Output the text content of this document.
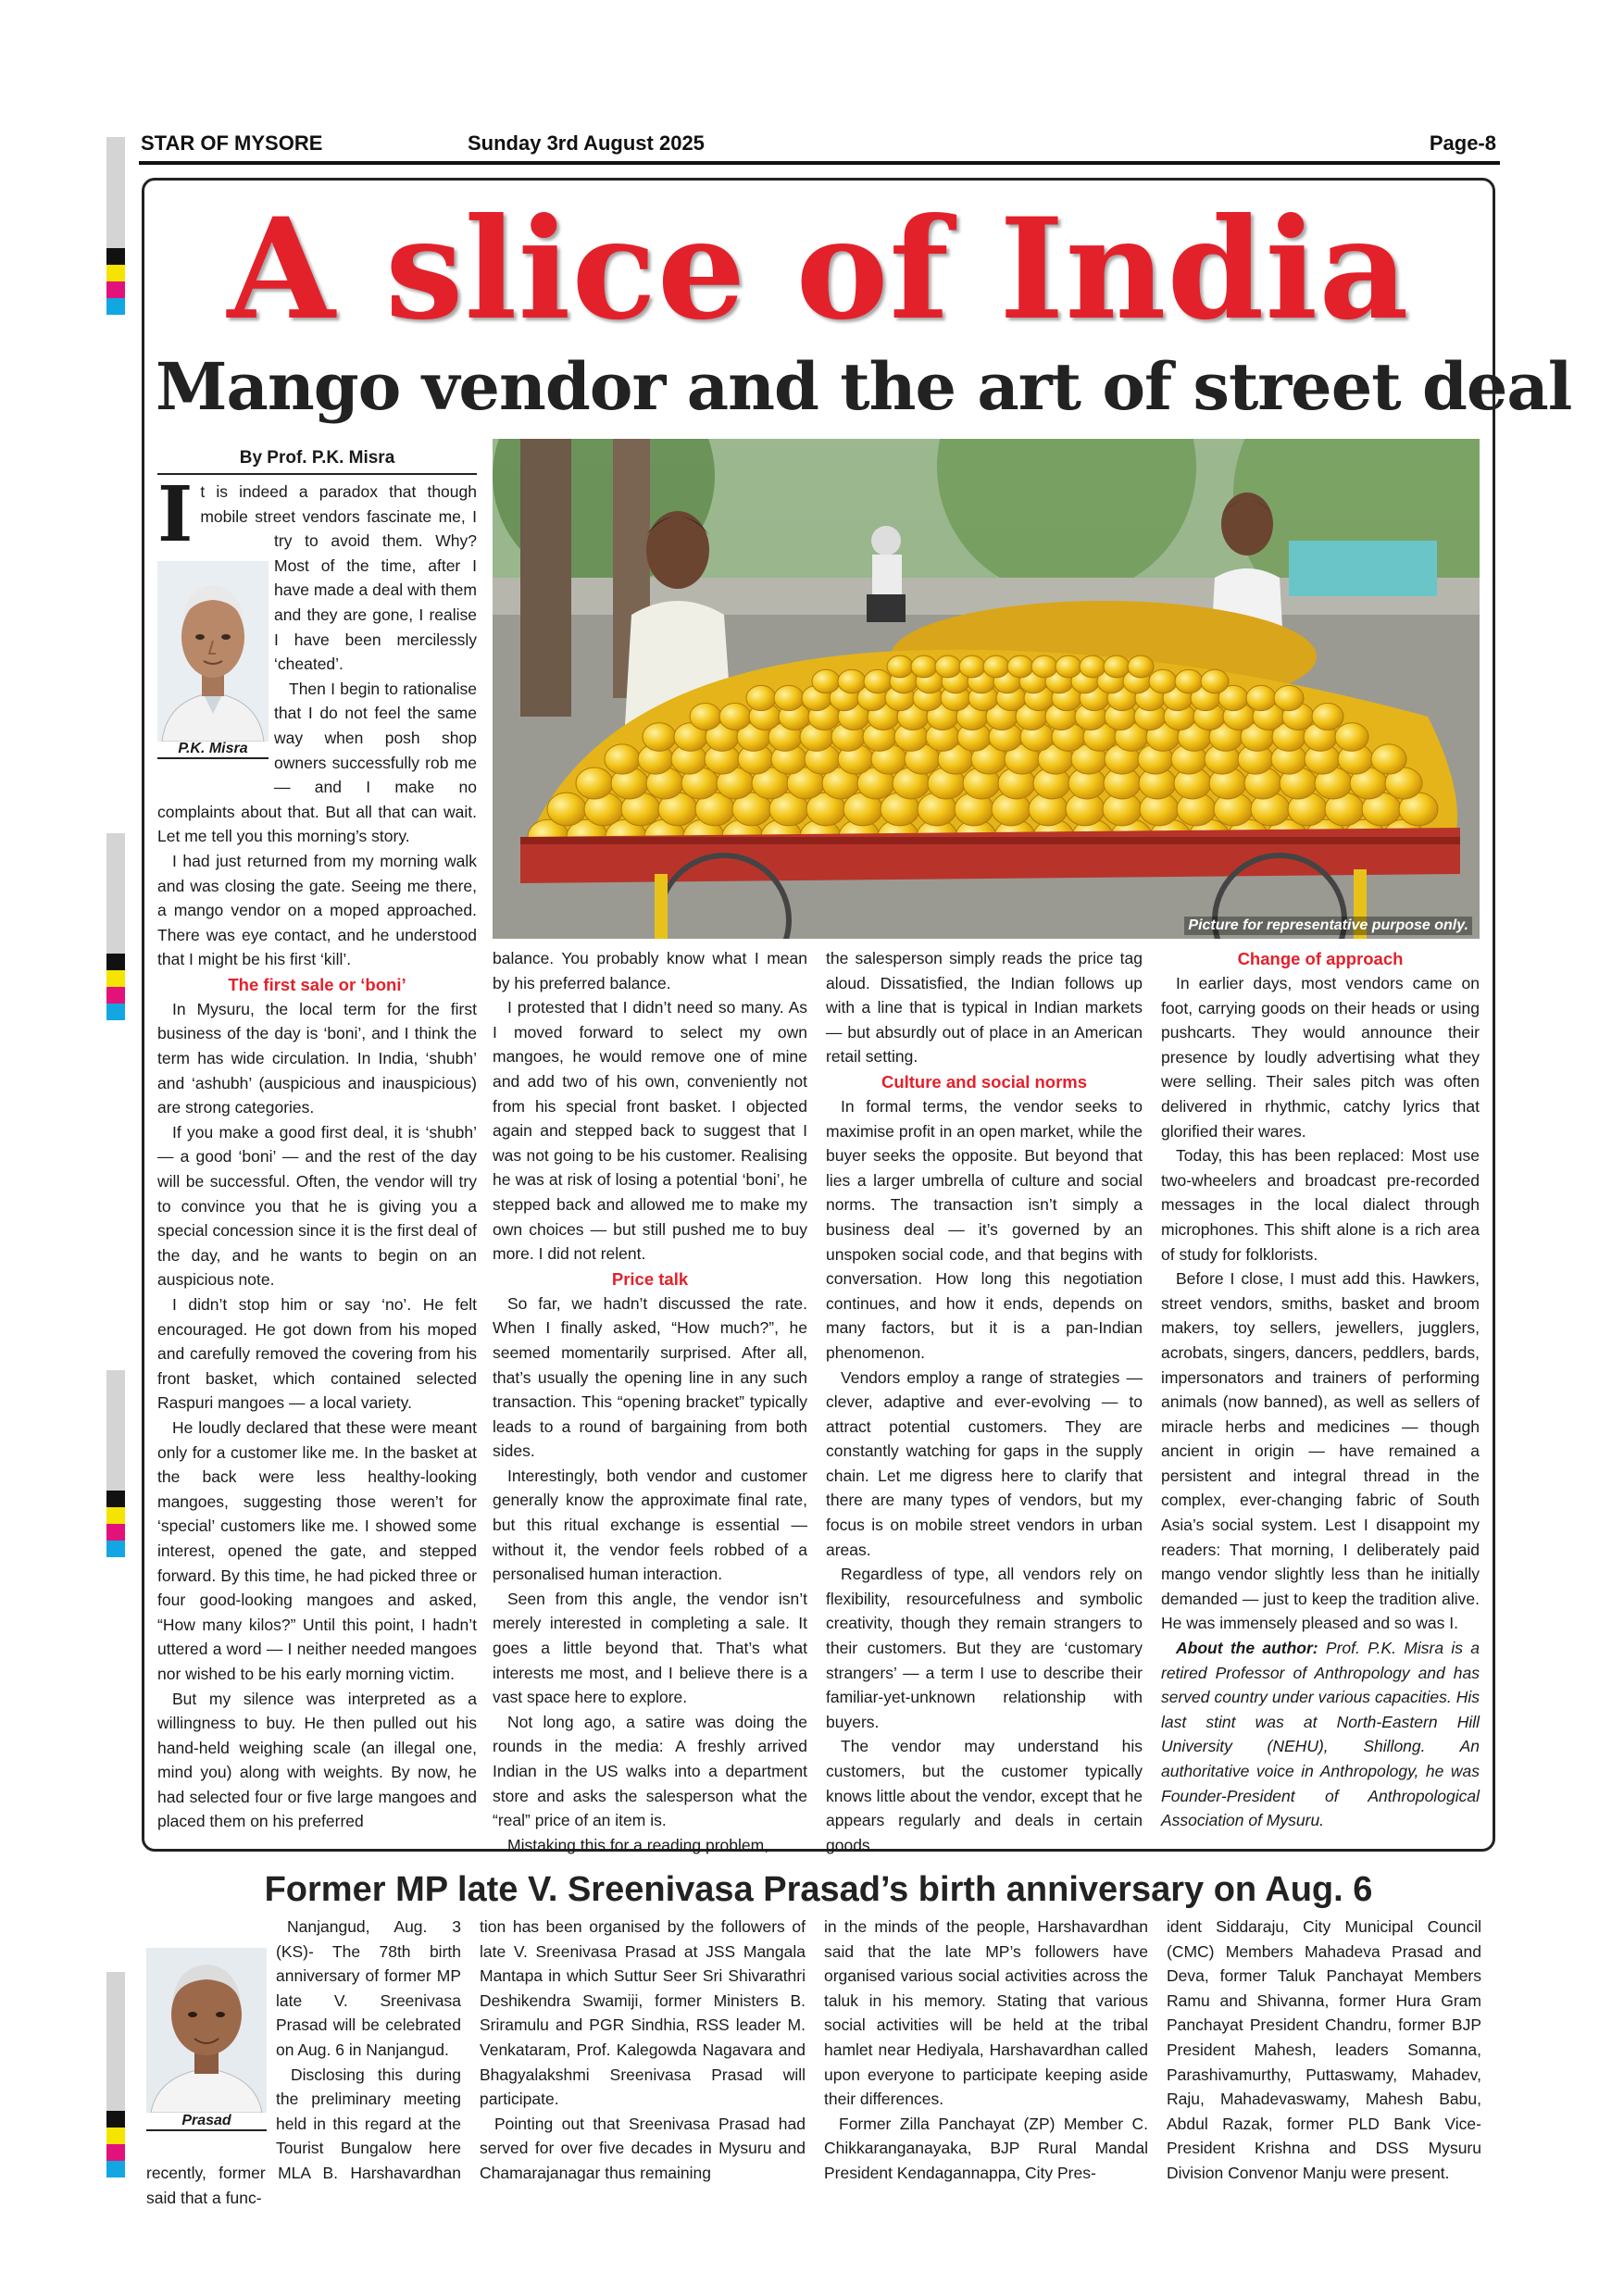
STAR OF MYSORE	Sunday 3rd August 2025	Page-8
A slice of India
Mango vendor and the art of street deal
By Prof. P.K. Misra
P.K. Misra
I t is indeed a paradox that though mobile street vendors fascinate me, I try to avoid them. Why? Most of the time, after I have made a deal with them and they are gone, I realise I have been mercilessly ‘cheated’.

Then I begin to rationalise that I do not feel the same way when posh shop owners successfully rob me — and I make no complaints about that. But all that can wait. Let me tell you this morning’s story.

I had just returned from my morning walk and was closing the gate. Seeing me there, a mango vendor on a moped approached. There was eye contact, and he understood that I might be his first ‘kill’.

The first sale or ‘boni’

In Mysuru, the local term for the first business of the day is ‘boni’, and I think the term has wide circulation. In India, ‘shubh’ and ‘ashubh’ (auspicious and inauspicious) are strong categories.

If you make a good first deal, it is ‘shubh’ — a good ‘boni’ — and the rest of the day will be successful. Often, the vendor will try to convince you that he is giving you a special concession since it is the first deal of the day, and he wants to begin on an auspicious note.

I didn’t stop him or say ‘no’. He felt encouraged. He got down from his moped and carefully removed the covering from his front basket, which contained selected Raspuri mangoes — a local variety.

He loudly declared that these were meant only for a customer like me. In the basket at the back were less healthy-looking mangoes, suggesting those weren’t for ‘special’ customers like me. I showed some interest, opened the gate, and stepped forward. By this time, he had picked three or four good-looking mangoes and asked, “How many kilos?” Until this point, I hadn’t uttered a word — I neither needed mangoes nor wished to be his early morning victim.

But my silence was interpreted as a willingness to buy. He then pulled out his hand-held weighing scale (an illegal one, mind you) along with weights. By now, he had selected four or five large mangoes and placed them on his preferred

Picture for representative purpose only.

balance. You probably know what I mean by his preferred balance.

I protested that I didn’t need so many. As I moved forward to select my own mangoes, he would remove one of mine and add two of his own, conveniently not from his special front basket. I objected again and stepped back to suggest that I was not going to be his customer. Realising he was at risk of losing a potential ‘boni’, he stepped back and allowed me to make my own choices — but still pushed me to buy more. I did not relent.

Price talk

So far, we hadn’t discussed the rate. When I finally asked, “How much?”, he seemed momentarily surprised. After all, that’s usually the opening line in any such transaction. This “opening bracket” typically leads to a round of bargaining from both sides.

Interestingly, both vendor and customer generally know the approximate final rate, but this ritual exchange is essential — without it, the vendor feels robbed of a personalised human interaction.

Seen from this angle, the vendor isn’t merely interested in completing a sale. It goes a little beyond that. That’s what interests me most, and I believe there is a vast space here to explore.

Not long ago, a satire was doing the rounds in the media: A freshly arrived Indian in the US walks into a department store and asks the salesperson what the “real” price of an item is.

Mistaking this for a reading problem,

the salesperson simply reads the price tag aloud. Dissatisfied, the Indian follows up with a line that is typical in Indian markets — but absurdly out of place in an American retail setting.

Culture and social norms

In formal terms, the vendor seeks to maximise profit in an open market, while the buyer seeks the opposite. But beyond that lies a larger umbrella of culture and social norms. The transaction isn’t simply a business deal — it’s governed by an unspoken social code, and that begins with conversation. How long this negotiation continues, and how it ends, depends on many factors, but it is a pan-Indian phenomenon.

Vendors employ a range of strategies — clever, adaptive and ever-evolving — to attract potential customers. They are constantly watching for gaps in the supply chain. Let me digress here to clarify that there are many types of vendors, but my focus is on mobile street vendors in urban areas.

Regardless of type, all vendors rely on flexibility, resourcefulness and symbolic creativity, though they remain strangers to their customers. But they are ‘customary strangers’ — a term I use to describe their familiar-yet-unknown relationship with buyers.

The vendor may understand his customers, but the customer typically knows little about the vendor, except that he appears regularly and deals in certain goods.

Change of approach

In earlier days, most vendors came on foot, carrying goods on their heads or using pushcarts. They would announce their presence by loudly advertising what they were selling. Their sales pitch was often delivered in rhythmic, catchy lyrics that glorified their wares.

Today, this has been replaced: Most use two-wheelers and broadcast pre-recorded messages in the local dialect through microphones. This shift alone is a rich area of study for folklorists.

Before I close, I must add this. Hawkers, street vendors, smiths, basket and broom makers, toy sellers, jewellers, jugglers, acrobats, singers, dancers, peddlers, bards, impersonators and trainers of performing animals (now banned), as well as sellers of miracle herbs and medicines — though ancient in origin — have remained a persistent and integral thread in the complex, ever-changing fabric of South Asia’s social system. Lest I disappoint my readers: That morning, I deliberately paid mango vendor slightly less than he initially demanded — just to keep the tradition alive. He was immensely pleased and so was I.

About the author: Prof. P.K. Misra is a retired Professor of Anthropology and has served country under various capacities. His last stint was at North-Eastern Hill University (NEHU), Shillong. An authoritative voice in Anthropology, he was Founder-President of Anthropological Association of Mysuru.

Former MP late V. Sreenivasa Prasad’s birth anniversary on Aug. 6
Prasad

Nanjangud, Aug. 3 (KS)- The 78th birth anniversary of former MP late V. Sreenivasa Prasad will be celebrated on Aug. 6 in Nanjangud.

Disclosing this during the preliminary meeting held in this regard at the Tourist Bungalow here recently, former MLA B. Harshavardhan said that a func-

tion has been organised by the followers of late V. Sreenivasa Prasad at JSS Mangala Mantapa in which Suttur Seer Sri Shivarathri Deshikendra Swamiji, former Ministers B. Sriramulu and PGR Sindhia, RSS leader M. Venkataram, Prof. Kalegowda Nagavara and Bhagyalakshmi Sreenivasa Prasad will participate.

Pointing out that Sreenivasa Prasad had served for over five decades in Mysuru and Chamarajanagar thus remaining

in the minds of the people, Harshavardhan said that the late MP’s followers have organised various social activities across the taluk in his memory. Stating that various social activities will be held at the tribal hamlet near Hediyala, Harshavardhan called upon everyone to participate keeping aside their differences.

Former Zilla Panchayat (ZP) Member C. Chikkaranganayaka, BJP Rural Mandal President Kendagannappa, City Pres-

ident Siddaraju, City Municipal Council (CMC) Members Mahadeva Prasad and Deva, former Taluk Panchayat Members Ramu and Shivanna, former Hura Gram Panchayat President Chandru, former BJP President Mahesh, leaders Somanna, Parashivamurthy, Puttaswamy, Mahadev, Raju, Mahadevaswamy, Mahesh Babu, Abdul Razak, former PLD Bank Vice-President Krishna and DSS Mysuru Division Convenor Manju were present.
